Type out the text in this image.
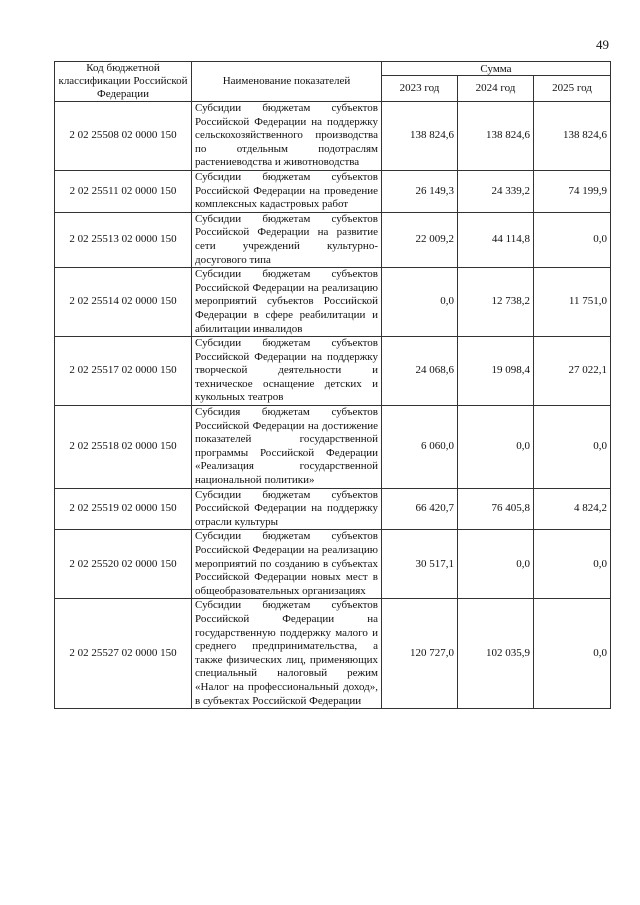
49
Код бюджетной классификации Российской Федерации	Наименование показателей	Сумма		
		2023 год	2024 год	2025 год
2 02 25508 02 0000 150	Субсидии бюджетам субъектов Российской Федерации на поддержку сельскохозяйственного производства по отдельным подотраслям растениеводства и животноводства	138 824,6	138 824,6	138 824,6
2 02 25511 02 0000 150	Субсидии бюджетам субъектов Российской Федерации на проведение комплексных кадастровых работ	26 149,3	24 339,2	74 199,9
2 02 25513 02 0000 150	Субсидии бюджетам субъектов Российской Федерации на развитие сети учреждений культурно-досугового типа	22 009,2	44 114,8	0,0
2 02 25514 02 0000 150	Субсидии бюджетам субъектов Российской Федерации на реализацию мероприятий субъектов Российской Федерации в сфере реабилитации и абилитации инвалидов	0,0	12 738,2	11 751,0
2 02 25517 02 0000 150	Субсидии бюджетам субъектов Российской Федерации на поддержку творческой деятельности и техническое оснащение детских и кукольных театров	24 068,6	19 098,4	27 022,1
2 02 25518 02 0000 150	Субсидия бюджетам субъектов Российской Федерации на достижение показателей государственной программы Российской Федерации «Реализация государственной национальной политики»	6 060,0	0,0	0,0
2 02 25519 02 0000 150	Субсидии бюджетам субъектов Российской Федерации на поддержку отрасли культуры	66 420,7	76 405,8	4 824,2
2 02 25520 02 0000 150	Субсидии бюджетам субъектов Российской Федерации на реализацию мероприятий по созданию в субъектах Российской Федерации новых мест в общеобразовательных организациях	30 517,1	0,0	0,0
2 02 25527 02 0000 150	Субсидии бюджетам субъектов Российской Федерации на государственную поддержку малого и среднего предпринимательства, а также физических лиц, применяющих специальный налоговый режим «Налог на профессиональный доход», в субъектах Российской Федерации	120 727,0	102 035,9	0,0
